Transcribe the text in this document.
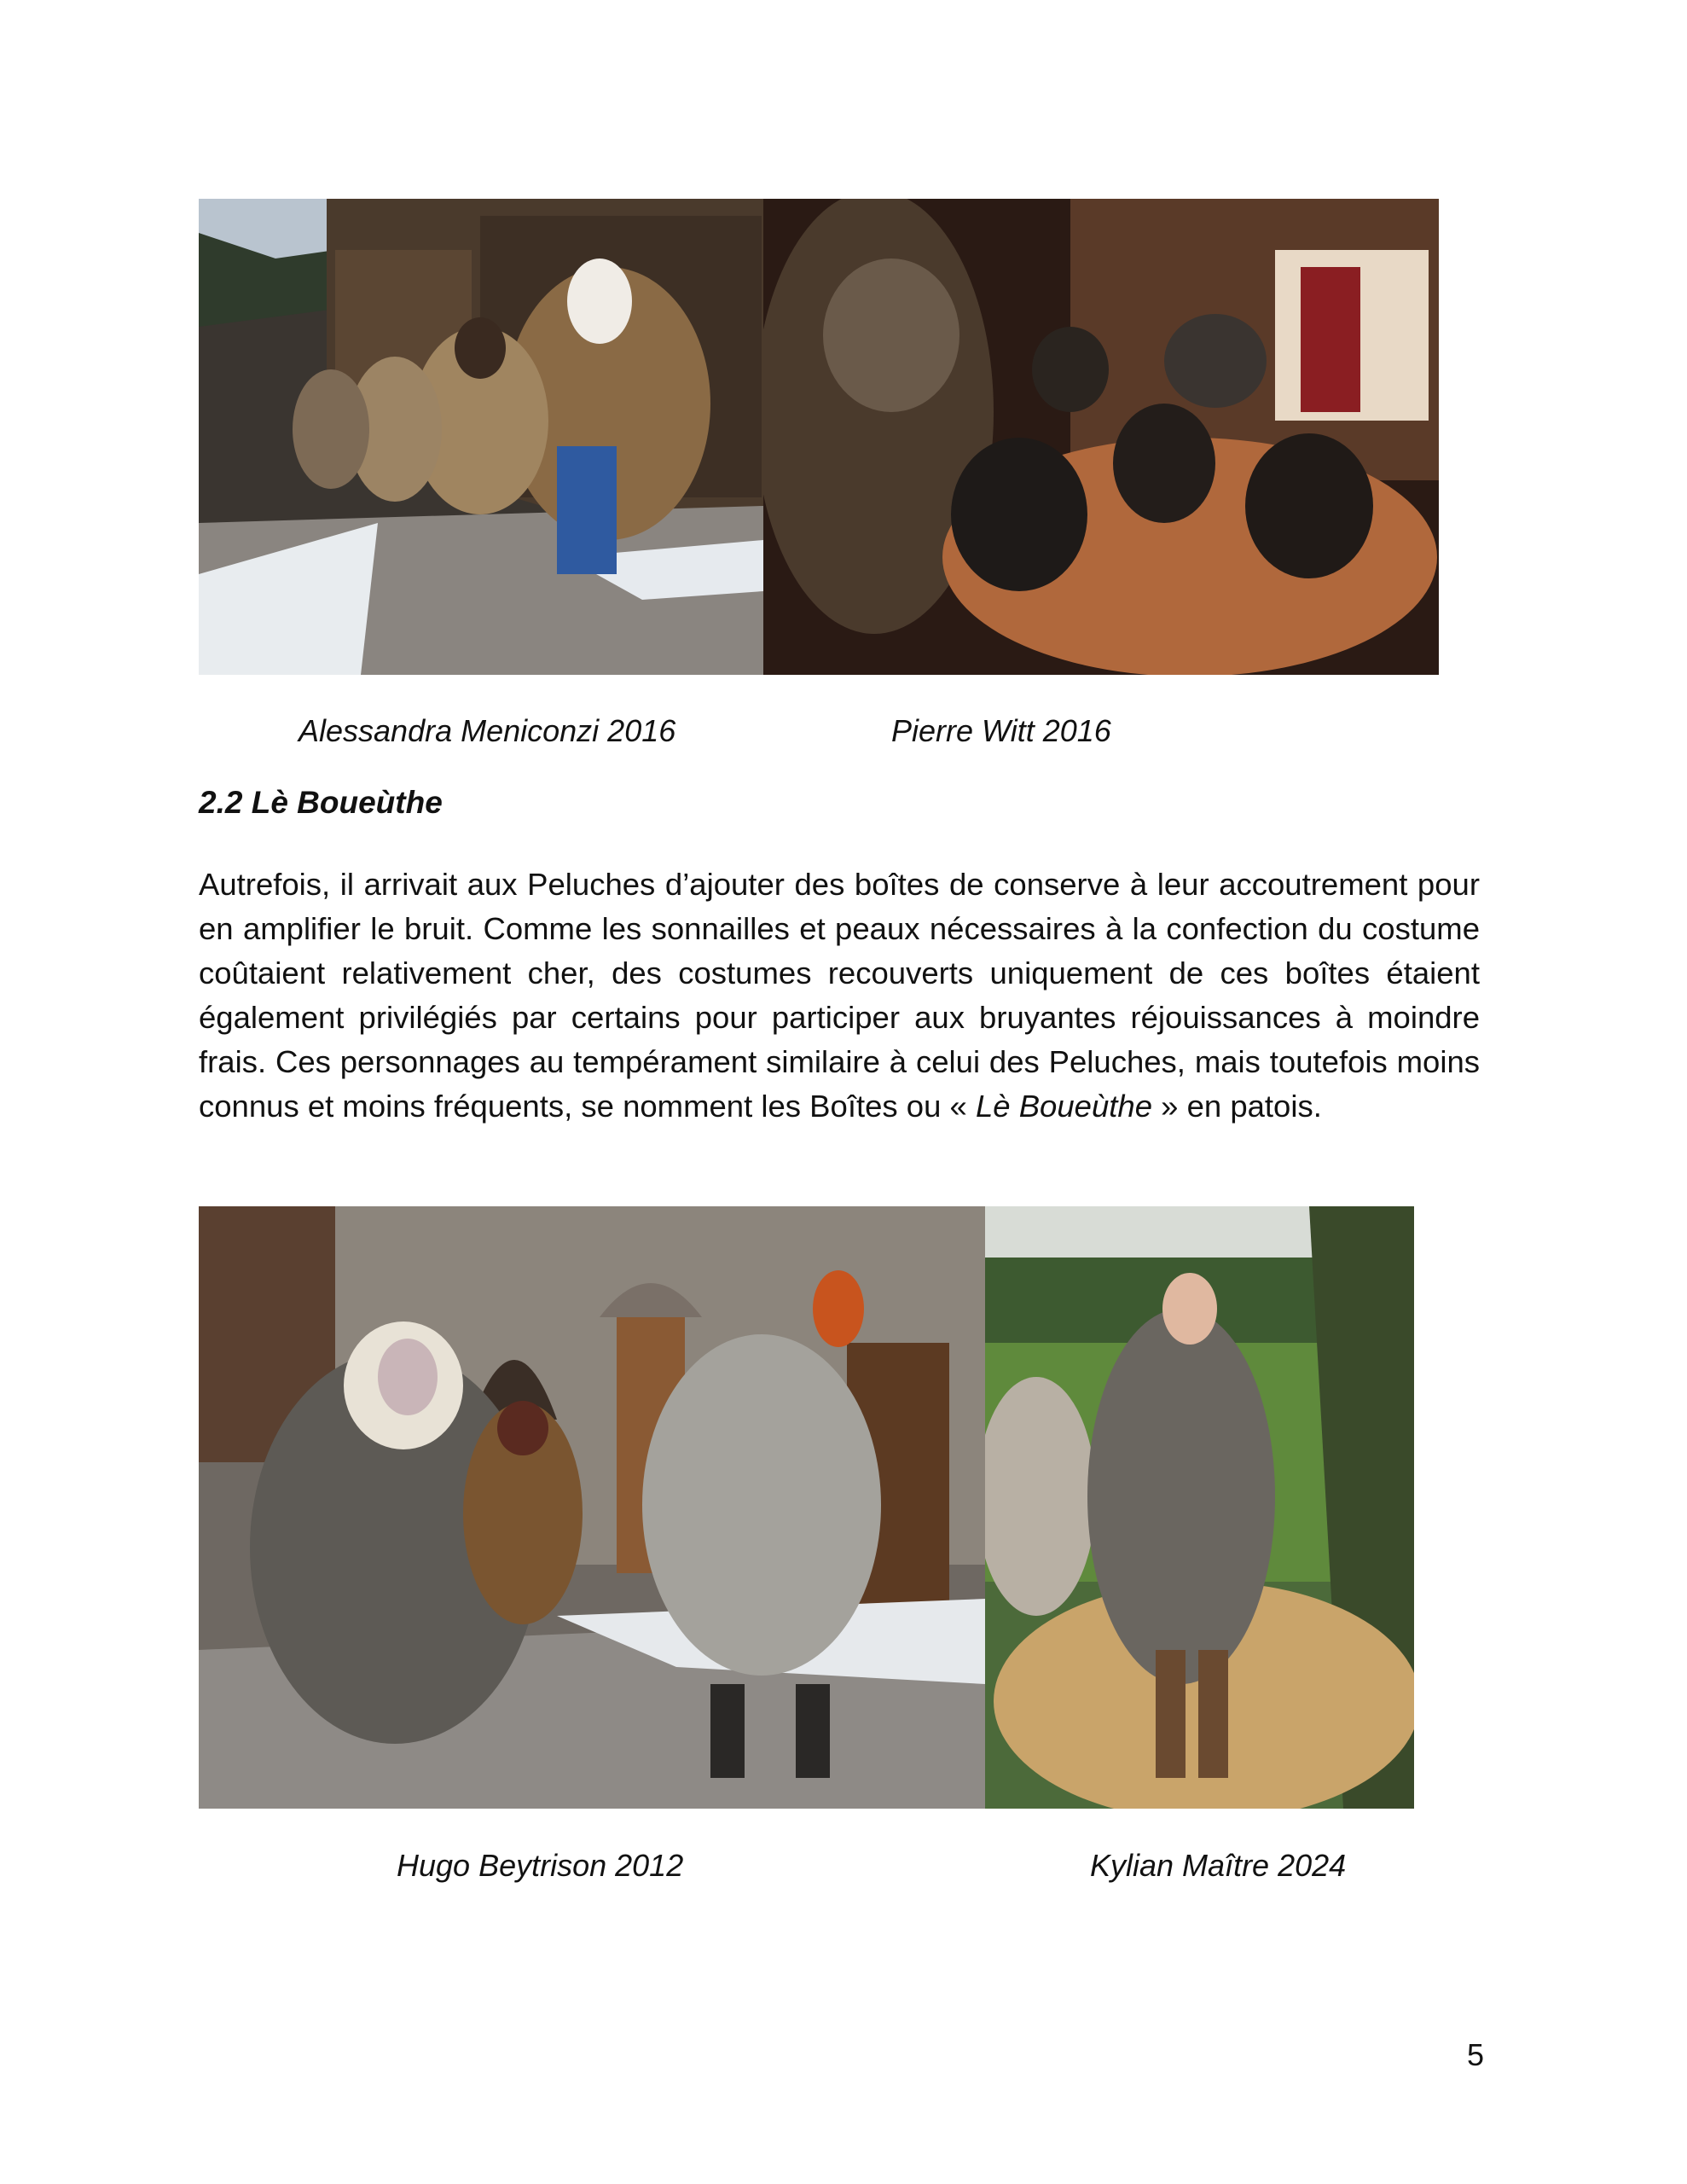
Alessandra Meniconzi 2016	Pierre Witt 2016
2.2 Lè Boueùthe
Autrefois, il arrivait aux Peluches d’ajouter des boîtes de conserve à leur accoutrement pour en amplifier le bruit. Comme les sonnailles et peaux nécessaires à la confection du costume coûtaient relativement cher, des costumes recouverts uniquement de ces boîtes étaient également privilégiés par certains pour participer aux bruyantes réjouissances à moindre frais. Ces personnages au tempérament similaire à celui des Peluches, mais toutefois moins connus et moins fréquents, se nomment les Boîtes ou « Lè Boueùthe » en patois.
Hugo Beytrison 2012	Kylian Maître 2024
5
